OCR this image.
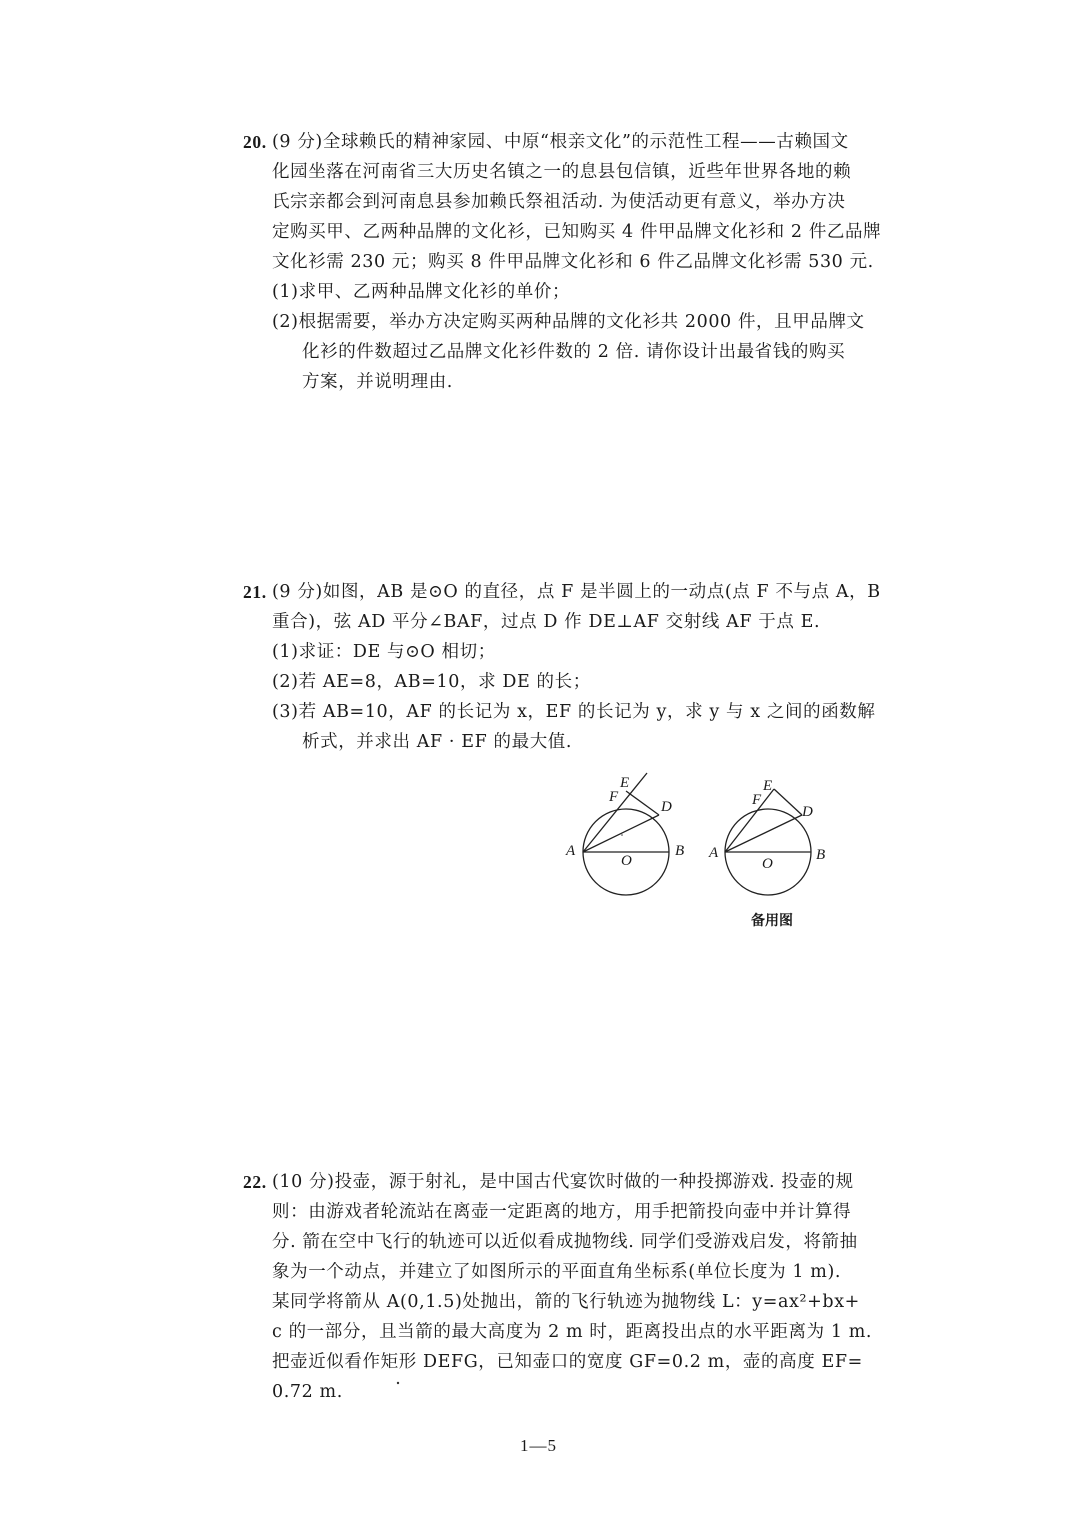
20. (9 分)全球赖氏的精神家园、中原“根亲文化”的示范性工程——古赖国文
化园坐落在河南省三大历史名镇之一的息县包信镇，近些年世界各地的赖
氏宗亲都会到河南息县参加赖氏祭祖活动. 为使活动更有意义，举办方决
定购买甲、乙两种品牌的文化衫，已知购买 4 件甲品牌文化衫和 2 件乙品牌
文化衫需 230 元；购买 8 件甲品牌文化衫和 6 件乙品牌文化衫需 530 元.
(1)求甲、乙两种品牌文化衫的单价；
(2)根据需要，举办方决定购买两种品牌的文化衫共 2000 件，且甲品牌文
化衫的件数超过乙品牌文化衫件数的 2 倍. 请你设计出最省钱的购买
方案，并说明理由.
21. (9 分)如图，AB 是⊙O 的直径，点 F 是半圆上的一动点(点 F 不与点 A，B
重合)，弦 AD 平分∠BAF，过点 D 作 DE⊥AF 交射线 AF 于点 E.
(1)求证：DE 与⊙O 相切；
(2)若 AE=8，AB=10，求 DE 的长；
(3)若 AB=10，AF 的长记为 x，EF 的长记为 y，求 y 与 x 之间的函数解
析式，并求出 AF · EF 的最大值.
A	B
O
D
E
F
A	B
O
D
E
F
备用图
22. (10 分)投壶，源于射礼，是中国古代宴饮时做的一种投掷游戏. 投壶的规
则：由游戏者轮流站在离壶一定距离的地方，用手把箭投向壶中并计算得
分. 箭在空中飞行的轨迹可以近似看成抛物线. 同学们受游戏启发，将箭抽
象为一个动点，并建立了如图所示的平面直角坐标系(单位长度为 1 m).
某同学将箭从 A(0,1.5)处抛出，箭的飞行轨迹为抛物线 L：y=ax²+bx+
c 的一部分，且当箭的最大高度为 2 m 时，距离投出点的水平距离为 1 m.
把壶近似看作矩形 DEFG，已知壶口的宽度 GF=0.2 m，壶的高度 EF=
0.72 m.
1—5
